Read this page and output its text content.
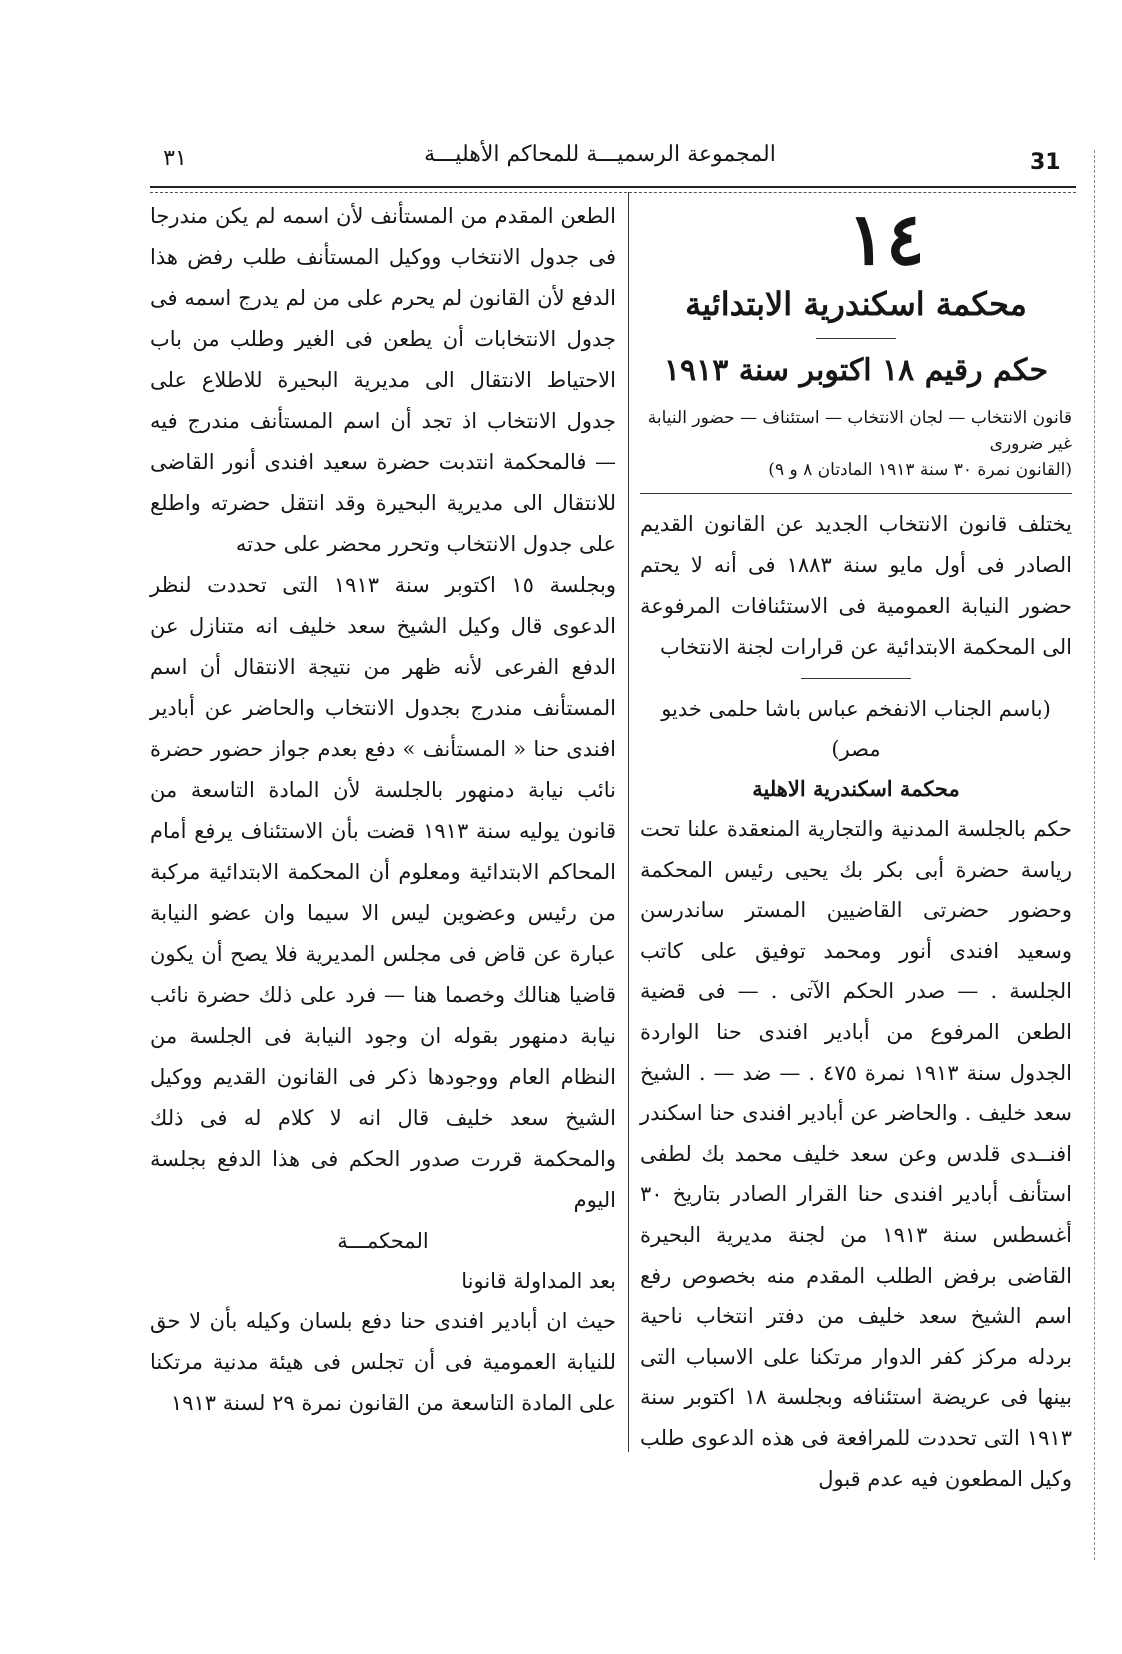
31
المجموعة الرسميـــة للمحاكم الأهليـــة
٣١
١٤
محكمة اسكندرية الابتدائية
حكم رقيم ١٨ اكتوبر سنة ١٩١٣
قانون الانتخاب — لجان الانتخاب — استئناف — حضور النيابة غير ضرورى
(القانون نمرة ٣٠ سنة ١٩١٣ المادتان ٨ و ٩)
يختلف قانون الانتخاب الجديد عن القانون القديم الصادر فى أول مايو سنة ١٨٨٣ فى أنه لا يحتم حضور النيابة العمومية فى الاستئنافات المرفوعة الى المحكمة الابتدائية عن قرارات لجنة الانتخاب
(باسم الجناب الانفخم عباس باشا حلمى خديو مصر)
محكمة اسكندرية الاهلية
حكم بالجلسة المدنية والتجارية المنعقدة علنا تحت رياسة حضرة أبى بكر بك يحيى رئيس المحكمة وحضور حضرتى القاضيين المستر ساندرسن وسعيد افندى أنور ومحمد توفيق على كاتب الجلسة . — صدر الحكم الآتى . — فى قضية الطعن المرفوع من أبادير افندى حنا الواردة الجدول سنة ١٩١٣ نمرة ٤٧٥ . — ضد — . الشيخ سعد خليف . والحاضر عن أبادير افندى حنا اسكندر افنــدى قلدس وعن سعد خليف محمد بك لطفى استأنف أبادير افندى حنا القرار الصادر بتاريخ ٣٠ أغسطس سنة ١٩١٣ من لجنة مديرية البحيرة القاضى برفض الطلب المقدم منه بخصوص رفع اسم الشيخ سعد خليف من دفتر انتخاب ناحية بردله مركز كفر الدوار مرتكنا على الاسباب التى بينها فى عريضة استئنافه وبجلسة ١٨ اكتوبر سنة ١٩١٣ التى تحددت للمرافعة فى هذه الدعوى طلب وكيل المطعون فيه عدم قبول
الطعن المقدم من المستأنف لأن اسمه لم يكن مندرجا فى جدول الانتخاب ووكيل المستأنف طلب رفض هذا الدفع لأن القانون لم يحرم على من لم يدرج اسمه فى جدول الانتخابات أن يطعن فى الغير وطلب من باب الاحتياط الانتقال الى مديرية البحيرة للاطلاع على جدول الانتخاب اذ تجد أن اسم المستأنف مندرج فيه — فالمحكمة انتدبت حضرة سعيد افندى أنور القاضى للانتقال الى مديرية البحيرة وقد انتقل حضرته واطلع على جدول الانتخاب وتحرر محضر على حدته
وبجلسة ١٥ اكتوبر سنة ١٩١٣ التى تحددت لنظر الدعوى قال وكيل الشيخ سعد خليف انه متنازل عن الدفع الفرعى لأنه ظهر من نتيجة الانتقال أن اسم المستأنف مندرج بجدول الانتخاب والحاضر عن أبادير افندى حنا « المستأنف » دفع بعدم جواز حضور حضرة نائب نيابة دمنهور بالجلسة لأن المادة التاسعة من قانون يوليه سنة ١٩١٣ قضت بأن الاستئناف يرفع أمام المحاكم الابتدائية ومعلوم أن المحكمة الابتدائية مركبة من رئيس وعضوين ليس الا سيما وان عضو النيابة عبارة عن قاض فى مجلس المديرية فلا يصح أن يكون قاضيا هنالك وخصما هنا — فرد على ذلك حضرة نائب نيابة دمنهور بقوله ان وجود النيابة فى الجلسة من النظام العام ووجودها ذكر فى القانون القديم ووكيل الشيخ سعد خليف قال انه لا كلام له فى ذلك والمحكمة قررت صدور الحكم فى هذا الدفع بجلسة اليوم
المحكمـــة
بعد المداولة قانونا
حيث ان أبادير افندى حنا دفع بلسان وكيله بأن لا حق للنيابة العمومية فى أن تجلس فى هيئة مدنية مرتكنا على المادة التاسعة من القانون نمرة ٢٩ لسنة ١٩١٣
